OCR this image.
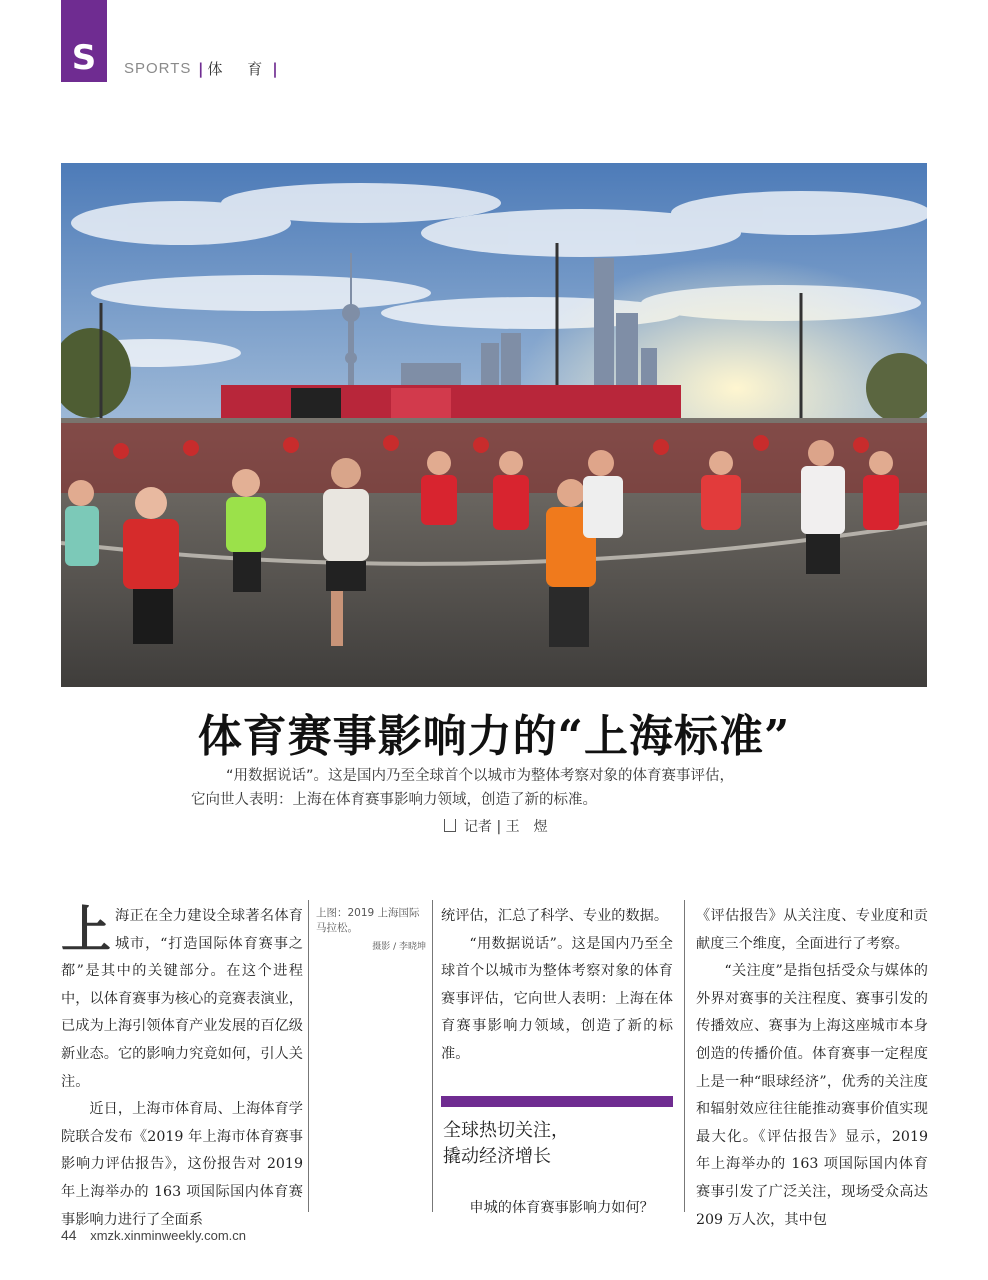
S SPORTS | 体 育|
体育赛事影响力的“上海标准”
“用数据说话”。这是国内乃至全球首个以城市为整体考察对象的体育赛事评估，
它向世人表明：上海在体育赛事影响力领域，创造了新的标准。
记者 | 王　煜

上海正在全力建设全球著名体育城市，“打造国际体育赛事之都”是其中的关键部分。在这个进程中，以体育赛事为核心的竞赛表演业，已成为上海引领体育产业发展的百亿级新业态。它的影响力究竟如何，引人关注。

近日，上海市体育局、上海体育学院联合发布《2019 年上海市体育赛事影响力评估报告》，这份报告对 2019 年上海举办的 163 项国际国内体育赛事影响力进行了全面系

上图：2019 上海国际马拉松。
摄影 / 李晓坤

统评估，汇总了科学、专业的数据。

“用数据说话”。这是国内乃至全球首个以城市为整体考察对象的体育赛事评估，它向世人表明：上海在体育赛事影响力领域，创造了新的标准。

全球热切关注，
撬动经济增长
申城的体育赛事影响力如何？

《评估报告》从关注度、专业度和贡献度三个维度，全面进行了考察。

“关注度”是指包括受众与媒体的外界对赛事的关注程度、赛事引发的传播效应、赛事为上海这座城市本身创造的传播价值。体育赛事一定程度上是一种“眼球经济”，优秀的关注度和辐射效应往往能推动赛事价值实现最大化。《评估报告》显示，2019 年上海举办的 163 项国际国内体育赛事引发了广泛关注，现场受众高达 209 万人次，其中包

44 xmzk.xinminweekly.com.cn
